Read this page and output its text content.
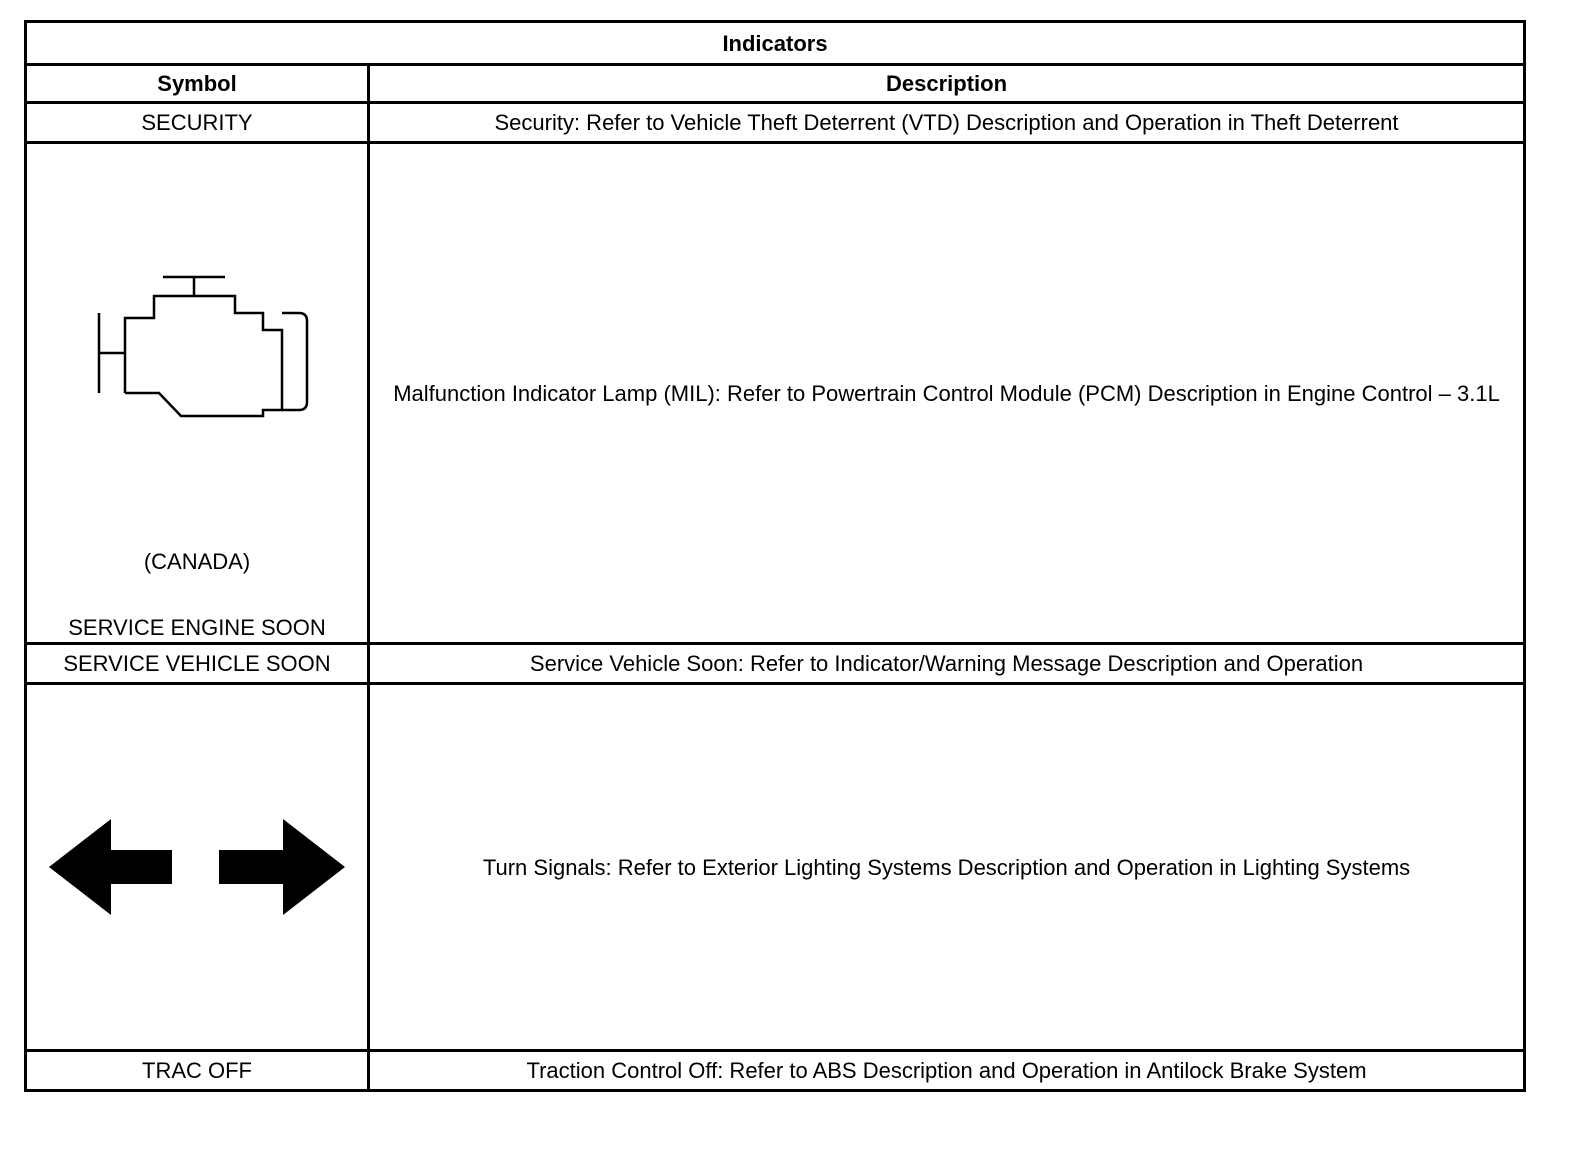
Indicators	
Symbol	Description
SECURITY	Security: Refer to Vehicle Theft Deterrent (VTD) Description and Operation in Theft Deterrent

(CANADA)
SERVICE ENGINE SOON	Malfunction Indicator Lamp (MIL): Refer to Powertrain Control Module (PCM) Description in Engine Control – 3.1L
SERVICE VEHICLE SOON	Service Vehicle Soon: Refer to Indicator/Warning Message Description and Operation

	Turn Signals: Refer to Exterior Lighting Systems Description and Operation in Lighting Systems
TRAC OFF	Traction Control Off: Refer to ABS Description and Operation in Antilock Brake System
